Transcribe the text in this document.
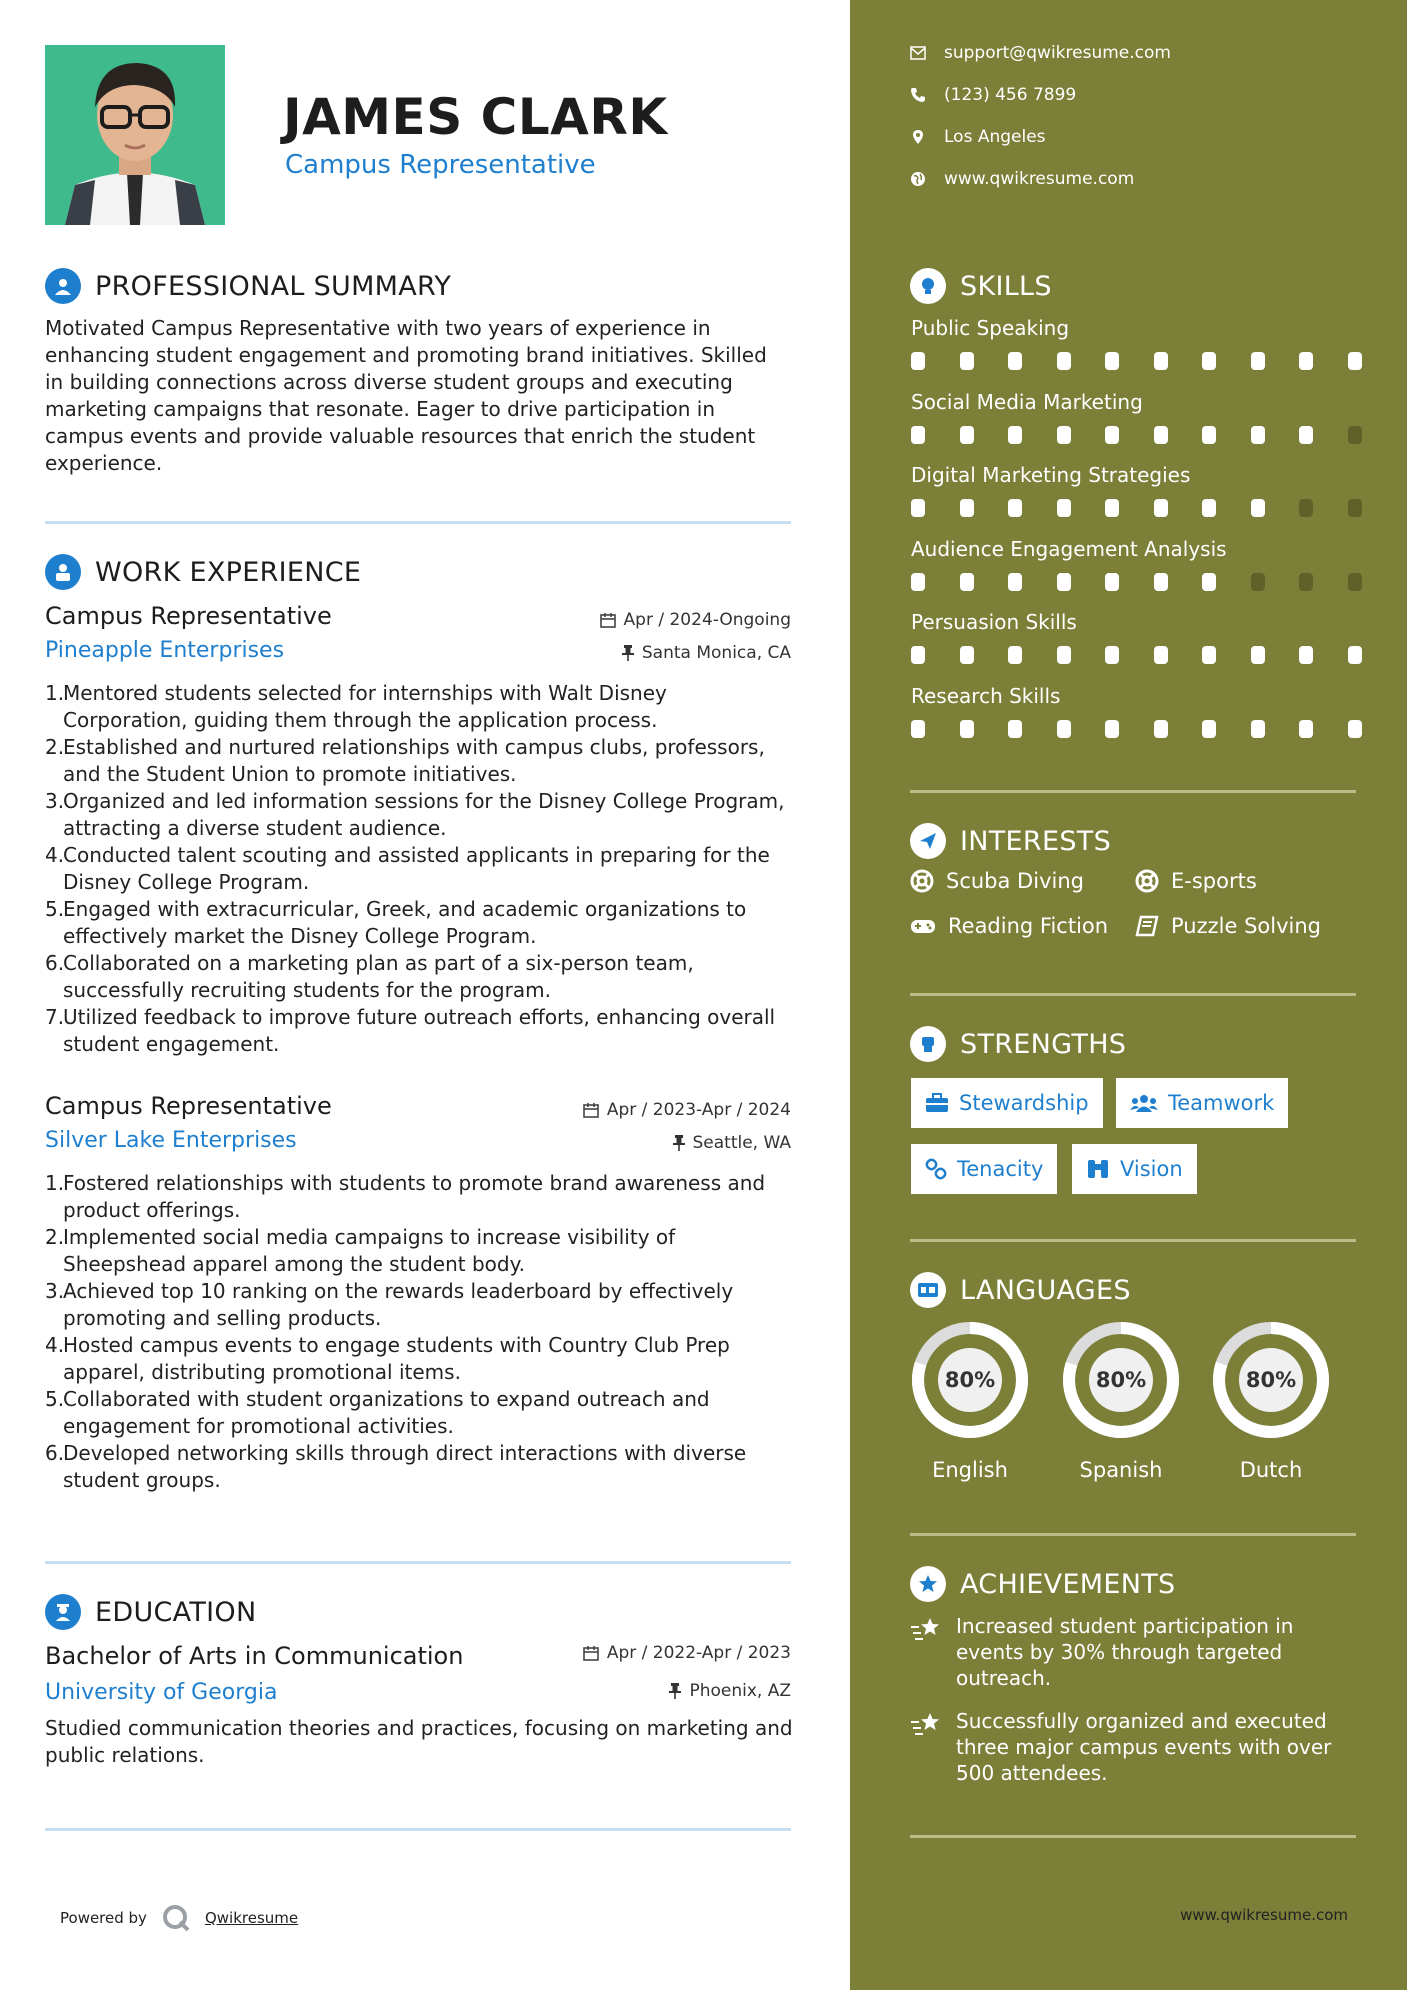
JAMES CLARK
Campus Representative
PROFESSIONAL SUMMARY
Motivated Campus Representative with two years of experience in enhancing student engagement and promoting brand initiatives. Skilled in building connections across diverse student groups and executing marketing campaigns that resonate. Eager to drive participation in campus events and provide valuable resources that enrich the student experience.
WORK EXPERIENCE
Campus Representative	Apr / 2024-Ongoing
Pineapple Enterprises	Santa Monica, CA
1.
Mentored students selected for internships with Walt Disney Corporation, guiding them through the application process.
2.
Established and nurtured relationships with campus clubs, professors, and the Student Union to promote initiatives.
3.
Organized and led information sessions for the Disney College Program, attracting a diverse student audience.
4.
Conducted talent scouting and assisted applicants in preparing for the Disney College Program.
5.
Engaged with extracurricular, Greek, and academic organizations to effectively market the Disney College Program.
6.
Collaborated on a marketing plan as part of a six-person team, successfully recruiting students for the program.
7.
Utilized feedback to improve future outreach efforts, enhancing overall student engagement.
Campus Representative	Apr / 2023-Apr / 2024
Silver Lake Enterprises	Seattle, WA
1.
Fostered relationships with students to promote brand awareness and product offerings.
2.
Implemented social media campaigns to increase visibility of Sheepshead apparel among the student body.
3.
Achieved top 10 ranking on the rewards leaderboard by effectively promoting and selling products.
4.
Hosted campus events to engage students with Country Club Prep apparel, distributing promotional items.
5.
Collaborated with student organizations to expand outreach and engagement for promotional activities.
6.
Developed networking skills through direct interactions with diverse student groups.
EDUCATION
Bachelor of Arts in Communication	Apr / 2022-Apr / 2023
University of Georgia	Phoenix, AZ
Studied communication theories and practices, focusing on marketing and public relations.
Powered by	Qwikresume
support@qwikresume.com
(123) 456 7899
Los Angeles
www.qwikresume.com
SKILLS
Public Speaking
Social Media Marketing
Digital Marketing Strategies
Audience Engagement Analysis
Persuasion Skills
Research Skills
INTERESTS
Scuba Diving	E-sports
Reading Fiction	Puzzle Solving
STRENGTHS
Stewardship	Teamwork
Tenacity	Vision
LANGUAGES
80%
English
80%
Spanish
80%
Dutch
ACHIEVEMENTS
Increased student participation in events by 30% through targeted outreach.
Successfully organized and executed three major campus events with over 500 attendees.
www.qwikresume.com
